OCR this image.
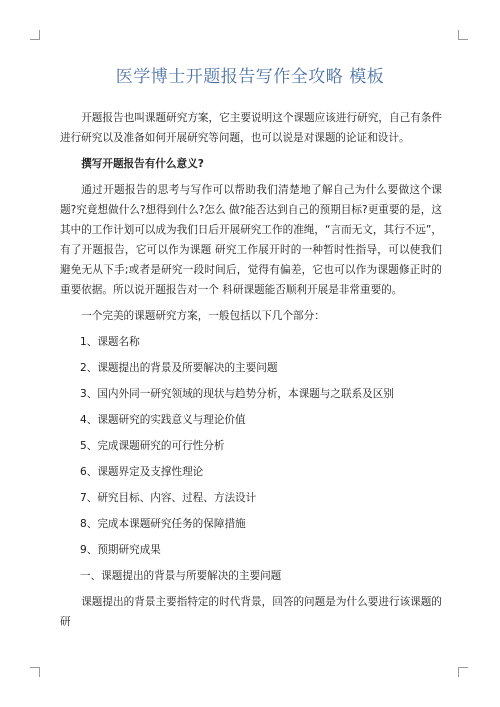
医学博士开题报告写作全攻略 模板

开题报告也叫课题研究方案，它主要说明这个课题应该进行研究，自己有条件进行研究以及准备如何开展研究等问题，也可以说是对课题的论证和设计。

撰写开题报告有什么意义?

通过开题报告的思考与写作可以帮助我们清楚地了解自己为什么要做这个课题?究竟想做什么?想得到什么?怎么 做?能否达到自己的预期目标?更重要的是，这其中的工作计划可以成为我们日后开展研究工作的准绳，“言而无文，其行不远”，有了开题报告，它可以作为课题 研究工作展开时的一种暂时性指导，可以使我们避免无从下手;或者是研究一段时间后，觉得有偏差，它也可以作为课题修正时的重要依据。所以说开题报告对一个 科研课题能否顺利开展是非常重要的。

一个完美的课题研究方案，一般包括以下几个部分：

1、课题名称
2、课题提出的背景及所要解决的主要问题
3、国内外同一研究领域的现状与趋势分析，本课题与之联系及区别
4、课题研究的实践意义与理论价值
5、完成课题研究的可行性分析
6、课题界定及支撑性理论
7、研究目标、内容、过程、方法设计
8、完成本课题研究任务的保障措施
9、预期研究成果
一、课题提出的背景与所要解决的主要问题

课题提出的背景主要指特定的时代背景，回答的问题是为什么要进行该课题的研
